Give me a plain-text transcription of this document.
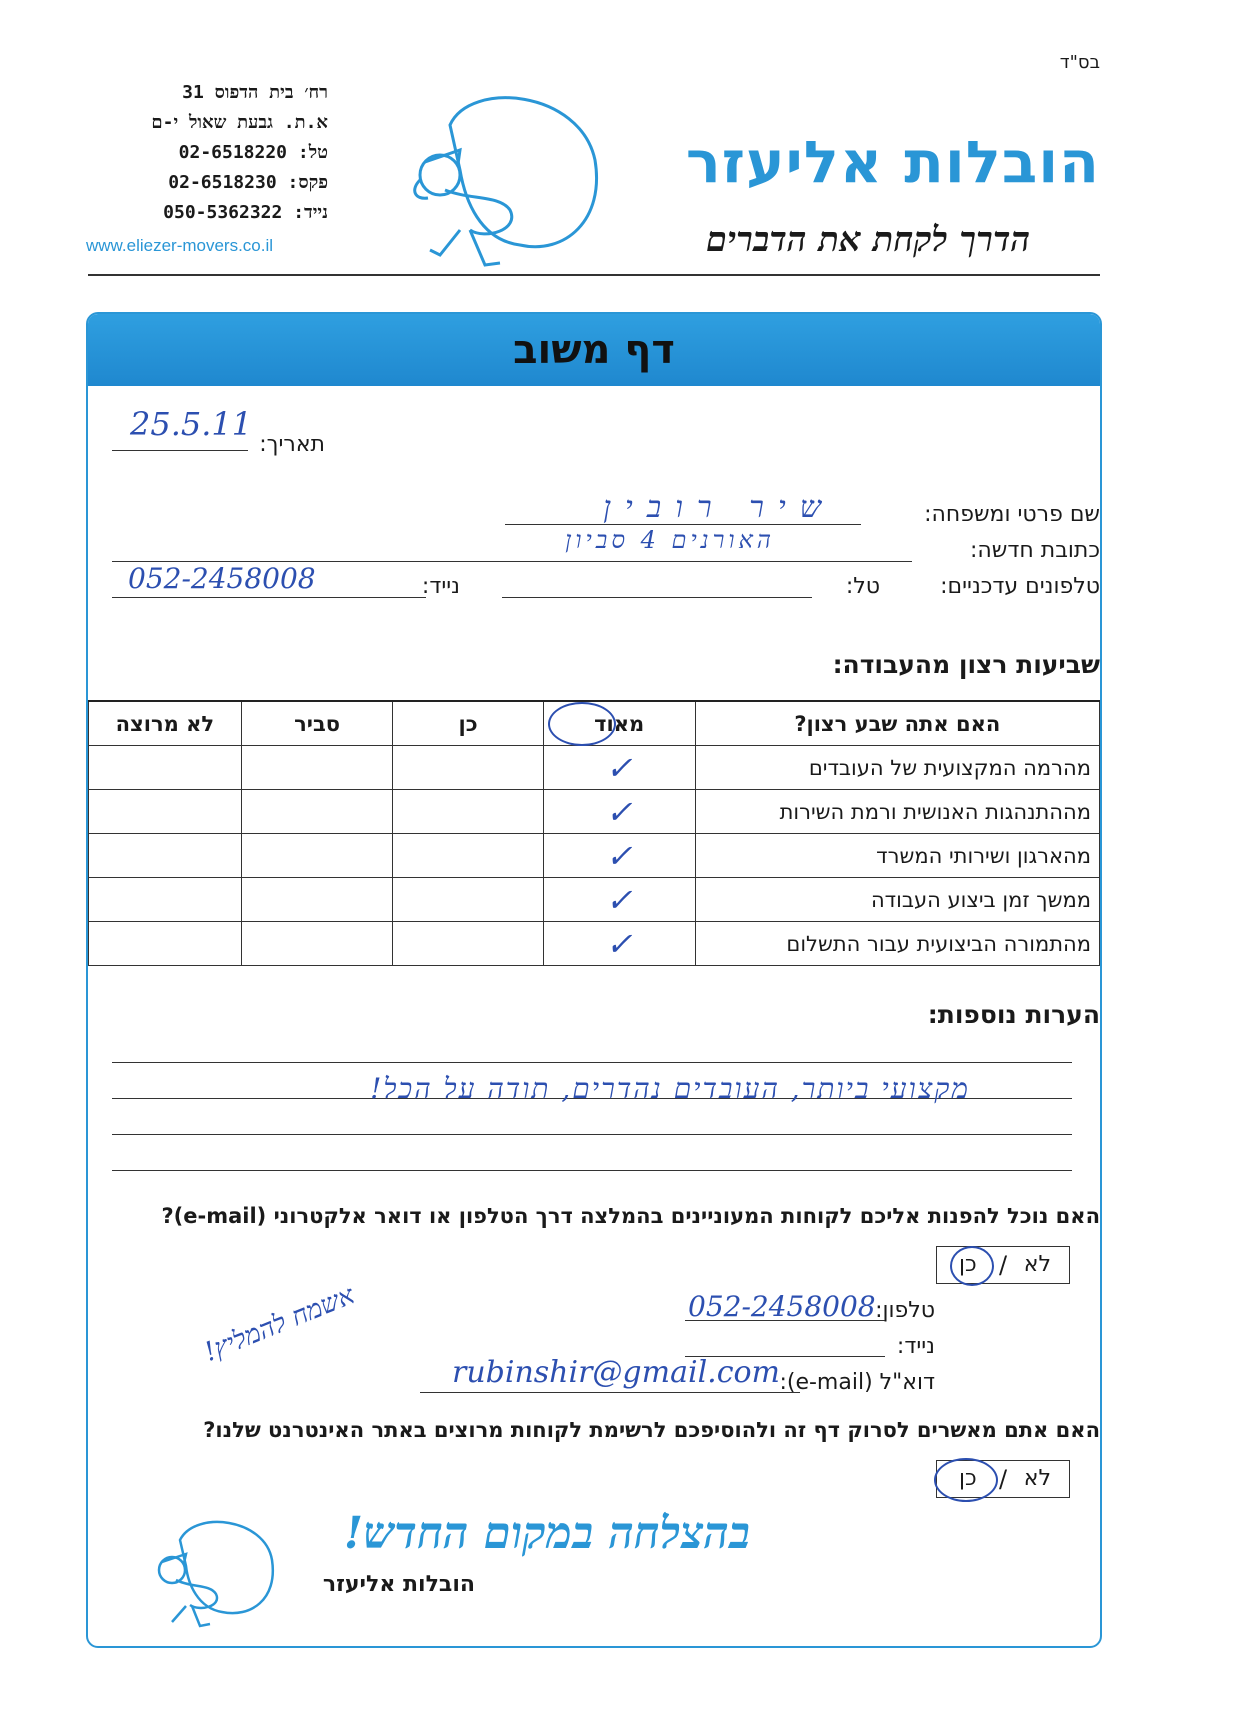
בס"ד
רח׳ בית הדפוס 31
א.ת. גבעת שאול י-ם
טל: 02-6518220
פקס: 02-6518230
נייד: 050-5362322
www.eliezer-movers.co.il
הובלות אליעזר
הדרך לקחת את הדברים
דף משוב
תאריך:
25.5.11
שם פרטי ומשפחה:
שיר רובין
כתובת חדשה:
האורנים 4 סביון
טלפונים עדכניים:
טל:
נייד:
052-2458008
שביעות רצון מהעבודה:
האם אתה שבע רצון?	מאוד	כן	סביר	לא מרוצה
מהרמה המקצועית של העובדים	✓			
מההתנהגות האנושית ורמת השירות	✓			
מהארגון ושירותי המשרד	✓			
ממשך זמן ביצוע העבודה	✓			
מהתמורה הביצועית עבור התשלום	✓			
הערות נוספות:
מקצועי ביותר, העובדים נהדרים, תודה על הכל!
האם נוכל להפנות אליכם לקוחות המעוניינים בהמלצה דרך הטלפון או דואר אלקטרוני (e-mail)?
לא
/
כן
טלפון:
052-2458008
נייד:
דוא"ל (e-mail):
rubinshir@gmail.com
אשמח להמליץ!
האם אתם מאשרים לסרוק דף זה ולהוסיפכם לרשימת לקוחות מרוצים באתר האינטרנט שלנו?
לא
/
כן
בהצלחה במקום החדש!
הובלות אליעזר
